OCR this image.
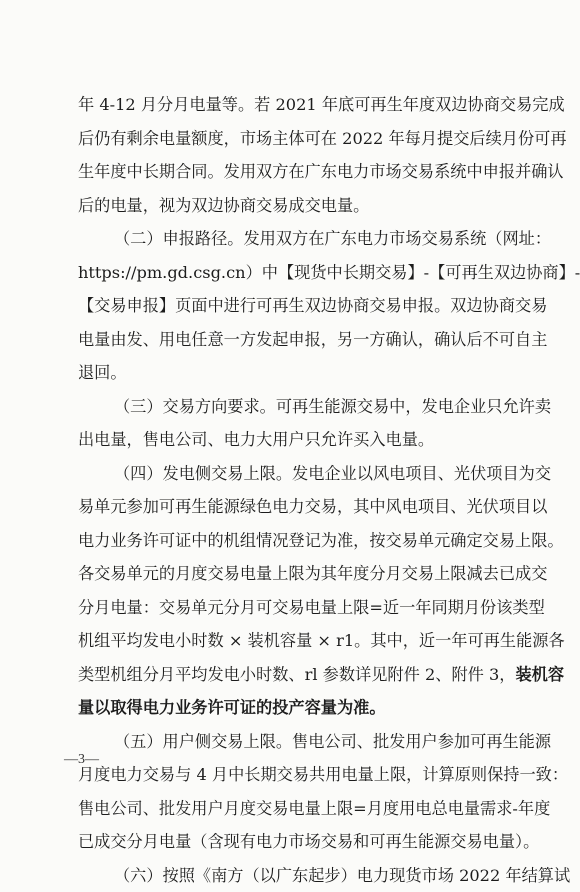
年 4-12 月分月电量等。若 2021 年底可再生年度双边协商交易完成
后仍有剩余电量额度，市场主体可在 2022 年每月提交后续月份可再
生年度中长期合同。发用双方在广东电力市场交易系统中申报并确认
后的电量，视为双边协商交易成交电量。
（二）申报路径。发用双方在广东电力市场交易系统（网址：
https://pm.gd.csg.cn）中【现货中长期交易】-【可再生双边协商】-
【交易申报】页面中进行可再生双边协商交易申报。双边协商交易
电量由发、用电任意一方发起申报，另一方确认，确认后不可自主
退回。
（三）交易方向要求。可再生能源交易中，发电企业只允许卖
出电量，售电公司、电力大用户只允许买入电量。
（四）发电侧交易上限。发电企业以风电项目、光伏项目为交
易单元参加可再生能源绿色电力交易，其中风电项目、光伏项目以
电力业务许可证中的机组情况登记为准，按交易单元确定交易上限。
各交易单元的月度交易电量上限为其年度分月交易上限减去已成交
分月电量：交易单元分月可交易电量上限=近一年同期月份该类型
机组平均发电小时数 × 装机容量 × r1。其中，近一年可再生能源各
类型机组分月平均发电小时数、rl 参数详见附件 2、附件 3，装机容
量以取得电力业务许可证的投产容量为准。
（五）用户侧交易上限。售电公司、批发用户参加可再生能源
月度电力交易与 4 月中长期交易共用电量上限，计算原则保持一致：
售电公司、批发用户月度交易电量上限=月度用电总电量需求-年度
已成交分月电量（含现有电力市场交易和可再生能源交易电量）。
（六）按照《南方（以广东起步）电力现货市场 2022 年结算试
—3—
